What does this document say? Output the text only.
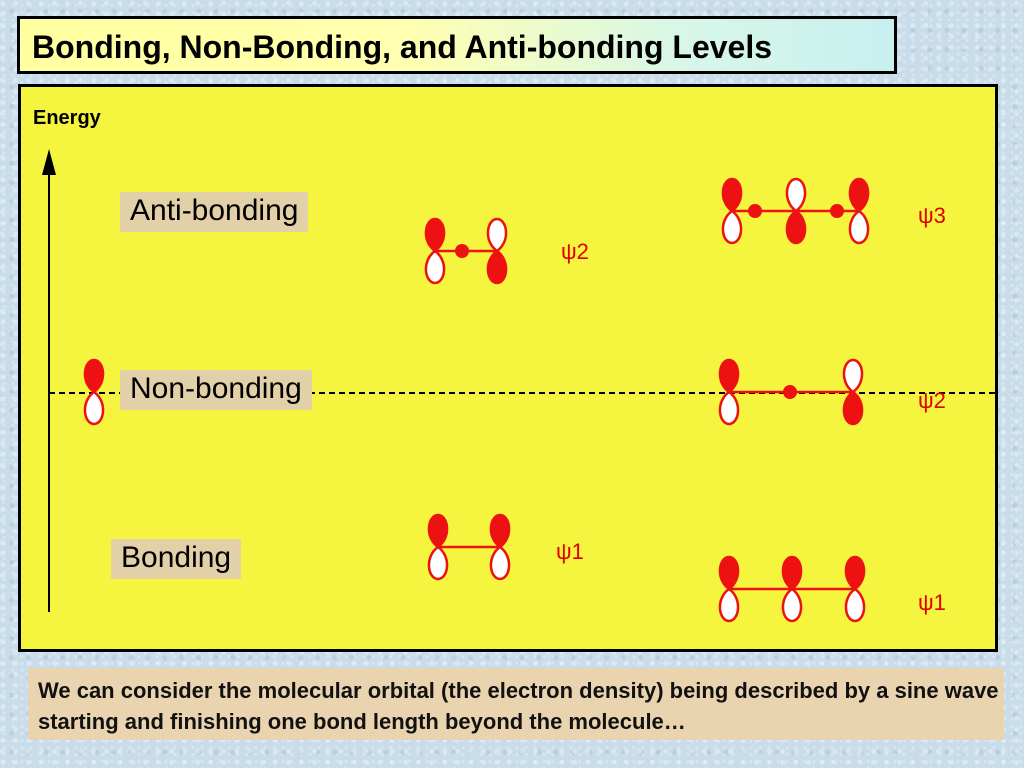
Bonding, Non-Bonding, and Anti-bonding Levels
Energy
Anti-bonding
Non-bonding
Bonding
ψ2
ψ1
ψ3
ψ2
ψ1
We can consider the molecular orbital (the electron density) being described by a sine wave starting and finishing one bond length beyond the molecule…
